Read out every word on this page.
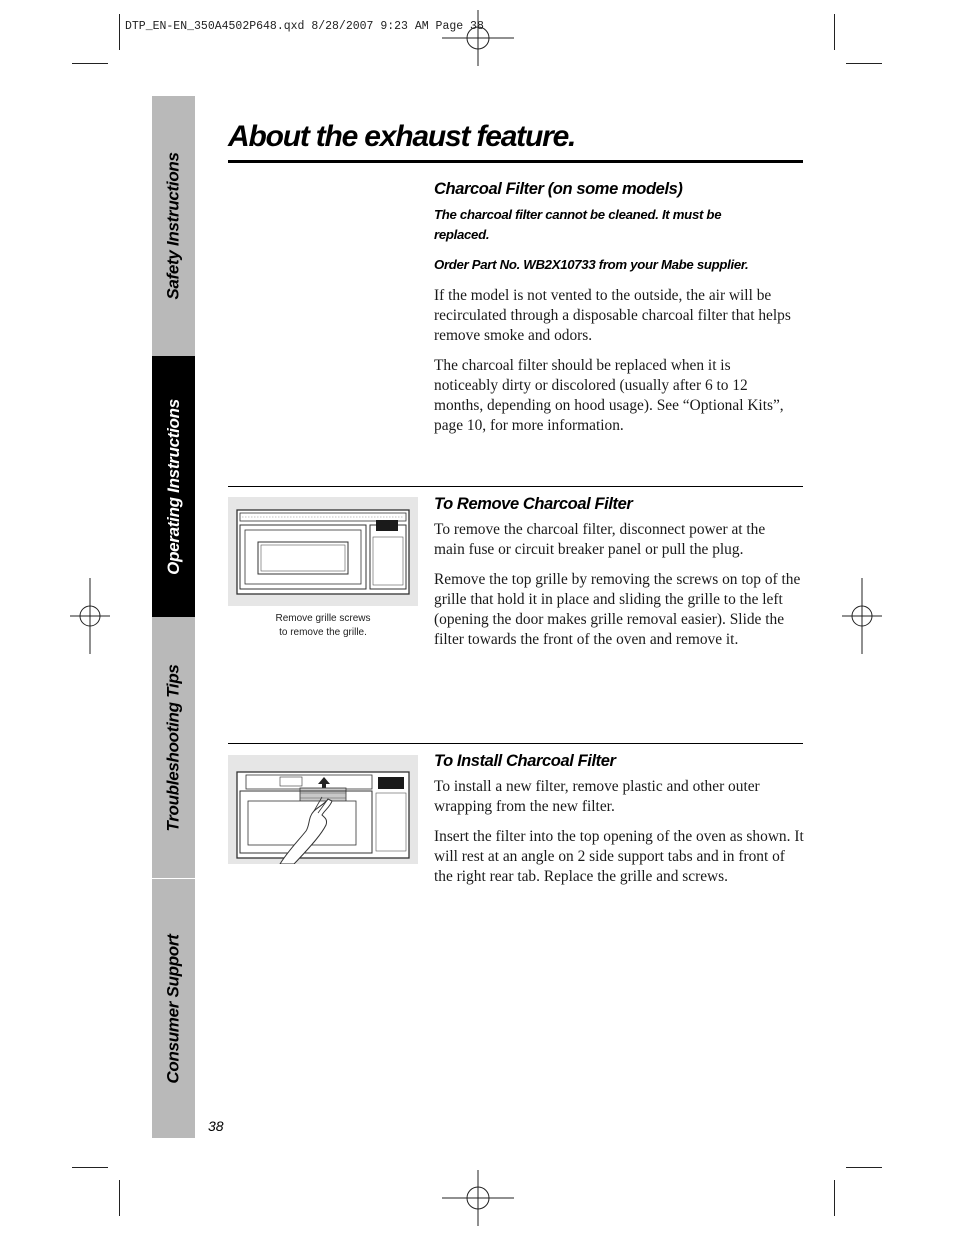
DTP_EN-EN_350A4502P648.qxd 8/28/2007 9:23 AM Page 38
Safety Instructions
Operating Instructions
Troubleshooting Tips
Consumer Support
About the exhaust feature.
Charcoal Filter (on some models)
The charcoal filter cannot be cleaned. It must be replaced.
Order Part No. WB2X10733 from your Mabe supplier.

If the model is not vented to the outside, the air will be recirculated through a disposable charcoal filter that helps remove smoke and odors.

The charcoal filter should be replaced when it is noticeably dirty or discolored (usually after 6 to 12 months, depending on hood usage). See “Optional Kits”, page 10, for more information.

Remove grille screws
to remove the grille.
To Remove Charcoal Filter

To remove the charcoal filter, disconnect power at the main fuse or circuit breaker panel or pull the plug.

Remove the top grille by removing the screws on top of the grille that hold it in place and sliding the grille to the left (opening the door makes grille removal easier). Slide the filter towards the front of the oven and remove it.

To Install Charcoal Filter

To install a new filter, remove plastic and other outer wrapping from the new filter.

Insert the filter into the top opening of the oven as shown. It will rest at an angle on 2 side support tabs and in front of the right rear tab. Replace the grille and screws.

38
